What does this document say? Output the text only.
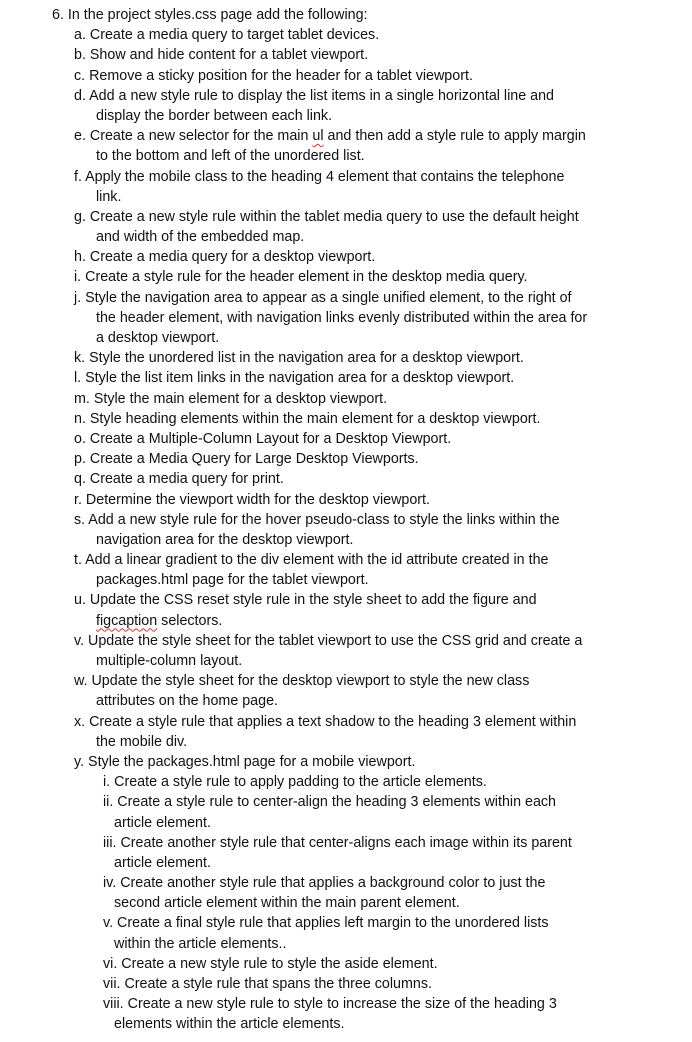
6. In the project styles.css page add the following:
a. Create a media query to target tablet devices.
b. Show and hide content for a tablet viewport.
c. Remove a sticky position for the header for a tablet viewport.
d. Add a new style rule to display the list items in a single horizontal line and
display the border between each link.
e. Create a new selector for the main ul and then add a style rule to apply margin
to the bottom and left of the unordered list.
f. Apply the mobile class to the heading 4 element that contains the telephone
link.
g. Create a new style rule within the tablet media query to use the default height
and width of the embedded map.
h. Create a media query for a desktop viewport.
i. Create a style rule for the header element in the desktop media query.
j. Style the navigation area to appear as a single unified element, to the right of
the header element, with navigation links evenly distributed within the area for
a desktop viewport.
k. Style the unordered list in the navigation area for a desktop viewport.
l. Style the list item links in the navigation area for a desktop viewport.
m. Style the main element for a desktop viewport.
n. Style heading elements within the main element for a desktop viewport.
o. Create a Multiple-Column Layout for a Desktop Viewport.
p. Create a Media Query for Large Desktop Viewports.
q. Create a media query for print.
r. Determine the viewport width for the desktop viewport.
s. Add a new style rule for the hover pseudo-class to style the links within the
navigation area for the desktop viewport.
t. Add a linear gradient to the div element with the id attribute created in the
packages.html page for the tablet viewport.
u. Update the CSS reset style rule in the style sheet to add the figure and
figcaption selectors.
v. Update the style sheet for the tablet viewport to use the CSS grid and create a
multiple-column layout.
w. Update the style sheet for the desktop viewport to style the new class
attributes on the home page.
x. Create a style rule that applies a text shadow to the heading 3 element within
the mobile div.
y. Style the packages.html page for a mobile viewport.
i. Create a style rule to apply padding to the article elements.
ii. Create a style rule to center-align the heading 3 elements within each
article element.
iii. Create another style rule that center-aligns each image within its parent
article element.
iv. Create another style rule that applies a background color to just the
second article element within the main parent element.
v. Create a final style rule that applies left margin to the unordered lists
within the article elements..
vi. Create a new style rule to style the aside element.
vii. Create a style rule that spans the three columns.
viii. Create a new style rule to style to increase the size of the heading 3
elements within the article elements.
